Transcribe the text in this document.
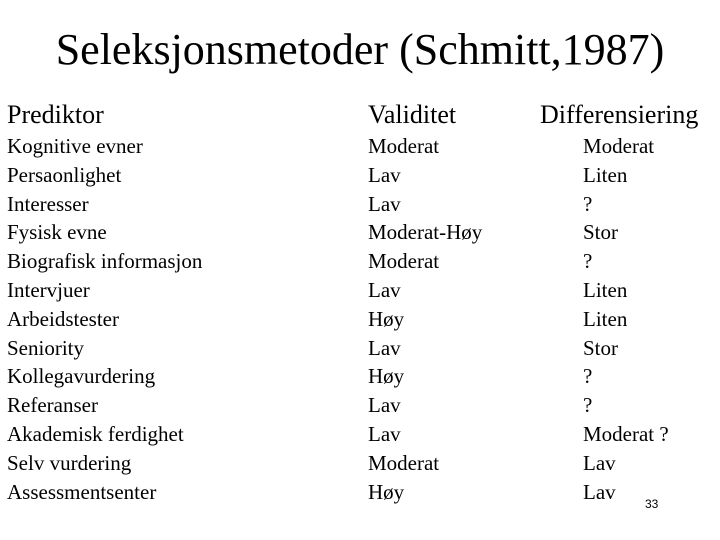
Seleksjonsmetoder (Schmitt,1987)
Prediktor	Validitet	Differensiering
Kognitive evner
Persaonlighet
Interesser
Fysisk evne
Biografisk informasjon
Intervjuer
Arbeidstester
Seniority
Kollegavurdering
Referanser
Akademisk ferdighet
Selv vurdering
Assessmentsenter
Moderat
Lav
Lav
Moderat-Høy
Moderat
Lav
Høy
Lav
Høy
Lav
Lav
Moderat
Høy
Moderat
Liten
?
Stor
?
Liten
Liten
Stor
?
?
Moderat ?
Lav
Lav
33
